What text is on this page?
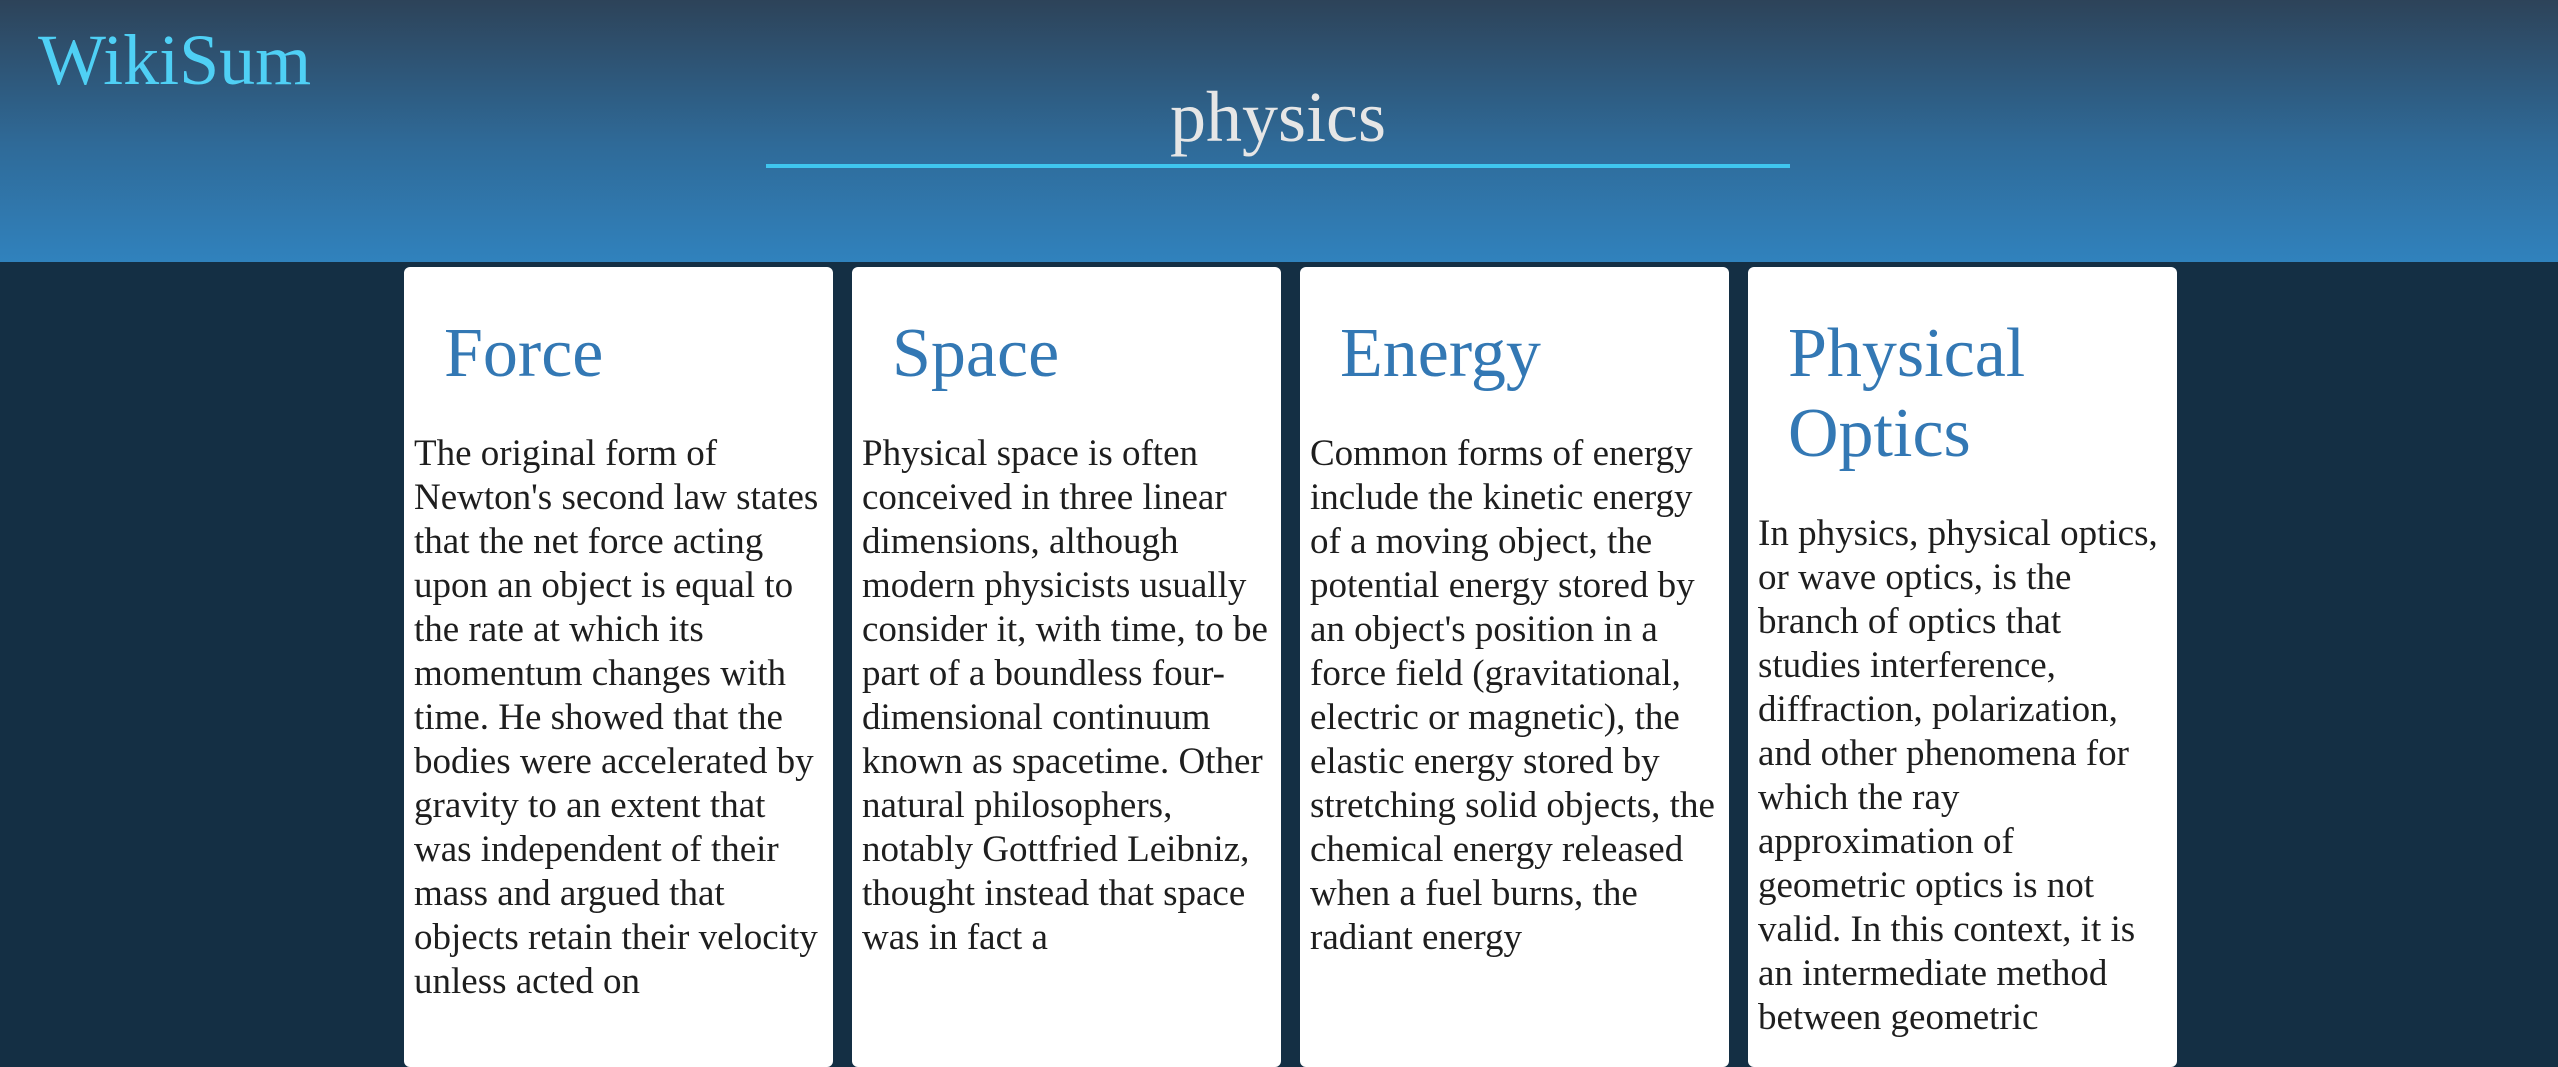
WikiSum
physics
Force

The original form of Newton's second law states that the net force acting upon an object is equal to the rate at which its momentum changes with time. He showed that the bodies were accelerated by gravity to an extent that was independent of their mass and argued that objects retain their velocity unless acted on

Space

Physical space is often conceived in three linear dimensions, although modern physicists usually consider it, with time, to be part of a boundless four-dimensional continuum known as spacetime. Other natural philosophers, notably Gottfried Leibniz, thought instead that space was in fact a

Energy

Common forms of energy include the kinetic energy of a moving object, the potential energy stored by an object's position in a force field (gravitational, electric or magnetic), the elastic energy stored by stretching solid objects, the chemical energy released when a fuel burns, the radiant energy

Physical Optics

In physics, physical optics, or wave optics, is the branch of optics that studies interference, diffraction, polarization, and other phenomena for which the ray approximation of geometric optics is not valid. In this context, it is an intermediate method between geometric
